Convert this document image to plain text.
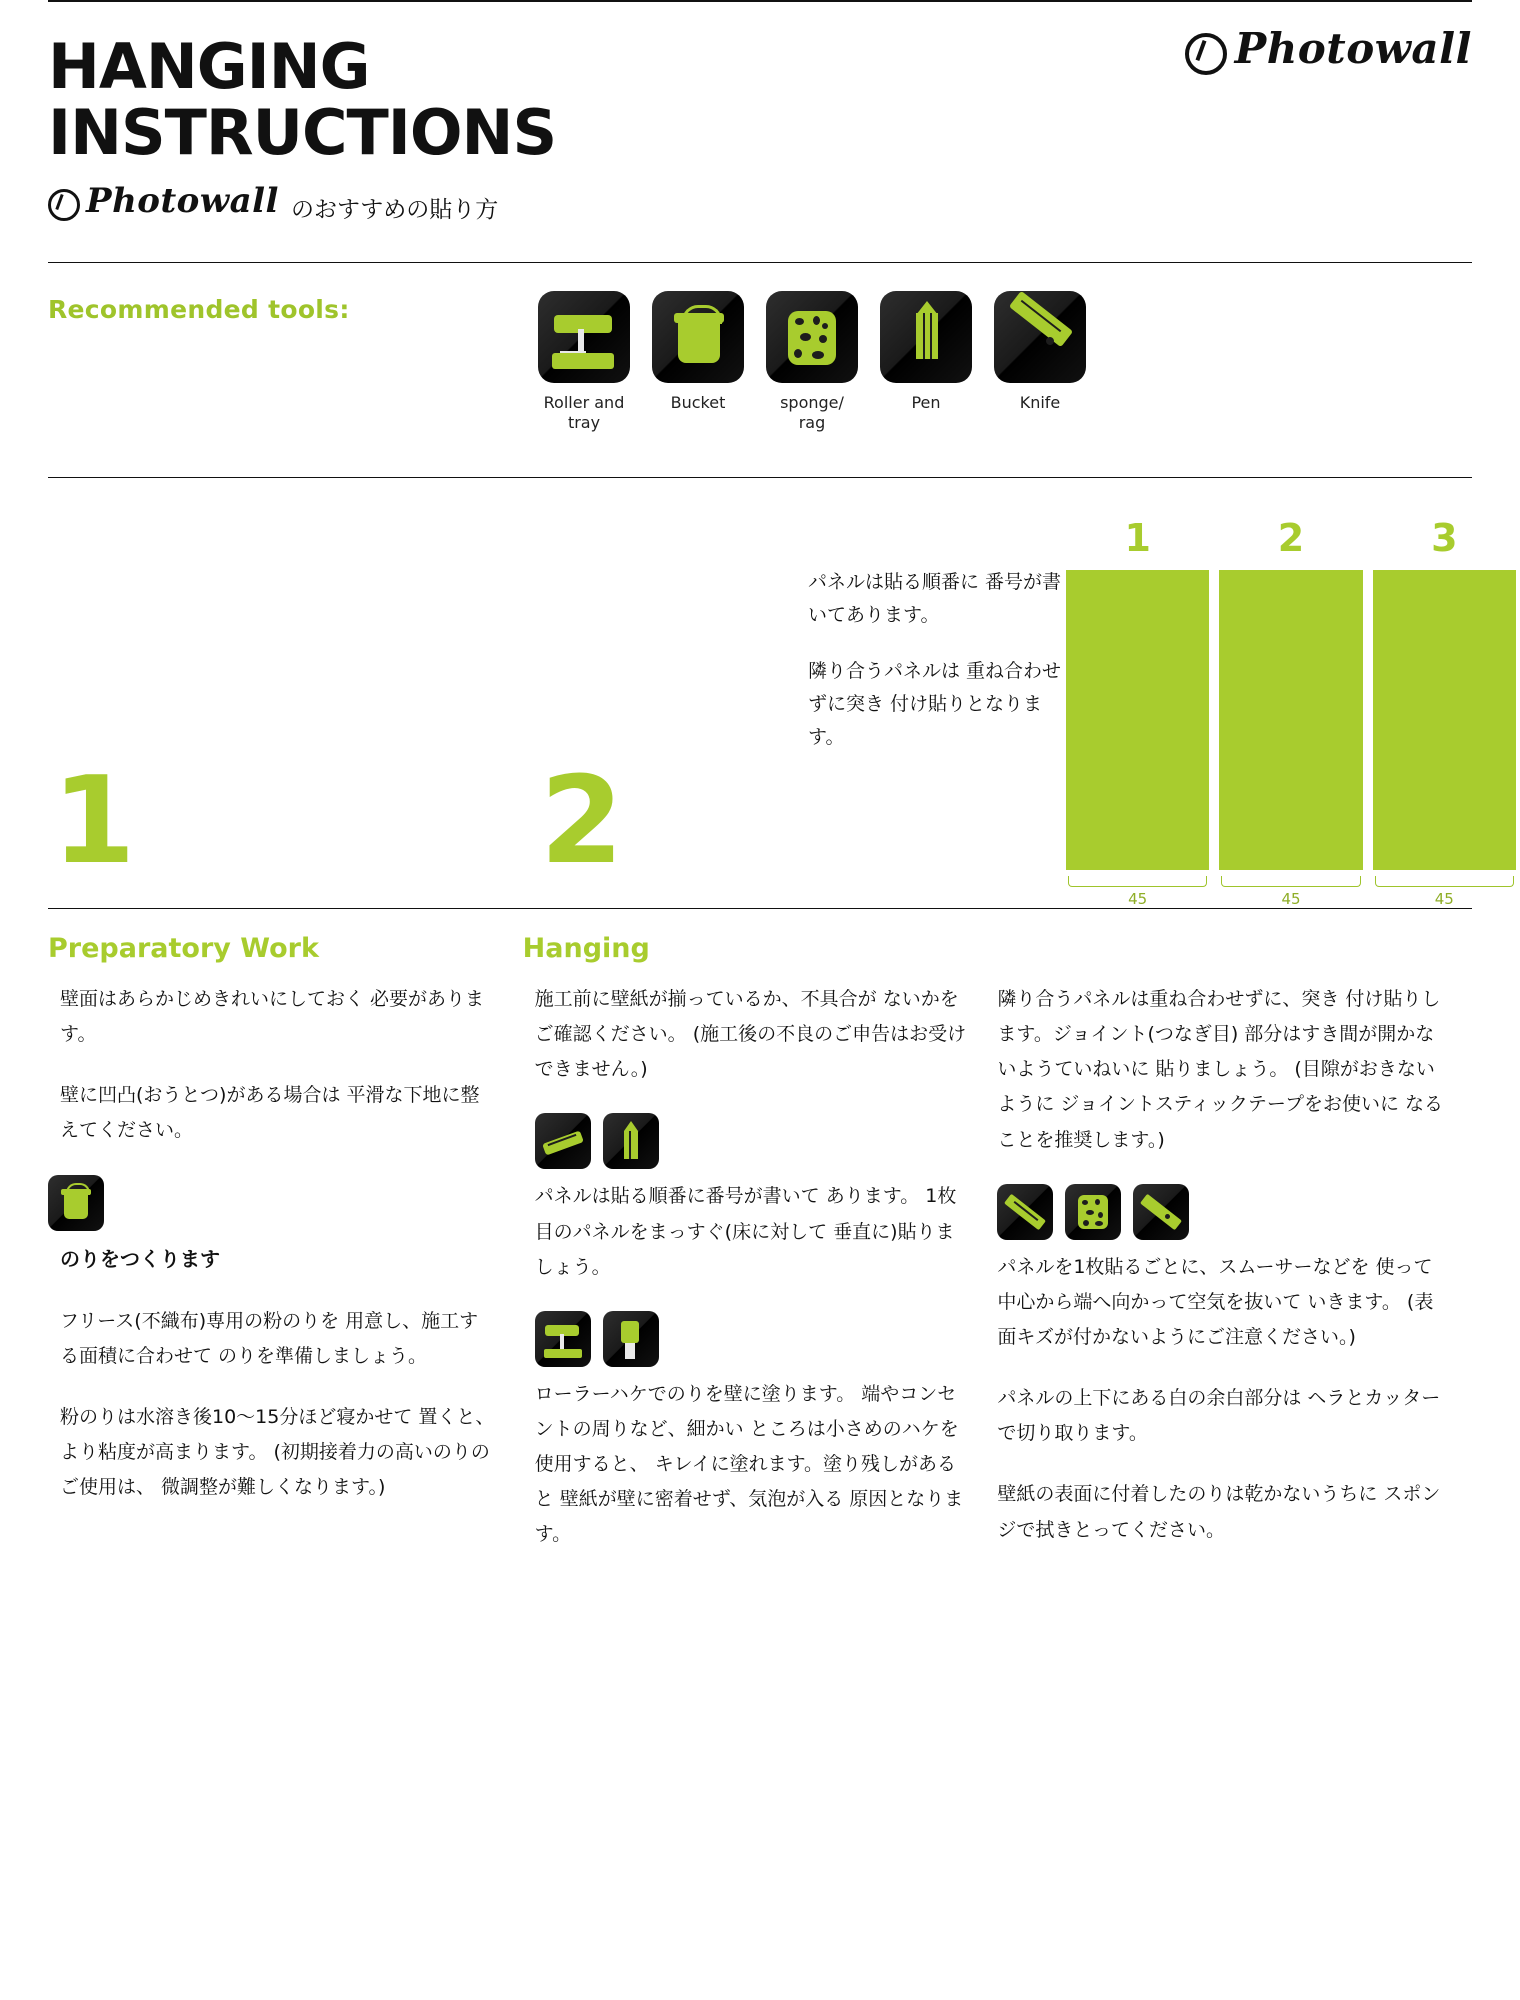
HANGING
INSTRUCTIONS
Photowall のおすすめの貼り方
Photowall
Recommended tools:
Roller and tray
Bucket	sponge/ rag
Pen	Knife
1	2

パネルは貼る順番に 番号が書いてあります。

隣り合うパネルは 重ね合わせずに突き 付け貼りとなります。

1	2	3
45	45	45
Preparatory Work

壁面はあらかじめきれいにしておく 必要があります。

壁に凹凸(おうとつ)がある場合は 平滑な下地に整えてください。

のりをつくります

フリース(不織布)専用の粉のりを 用意し、施工する面積に合わせて のりを準備しましょう。

粉のりは水溶き後10〜15分ほど寝かせて 置くと、より粘度が高まります。 (初期接着力の高いのりのご使用は、 微調整が難しくなります。)

Hanging

施工前に壁紙が揃っているか、不具合が ないかをご確認ください。 (施工後の不良のご申告はお受けできません。)

パネルは貼る順番に番号が書いて あります。 1枚目のパネルをまっすぐ(床に対して 垂直に)貼りましょう。

ローラーハケでのりを壁に塗ります。 端やコンセントの周りなど、細かい ところは小さめのハケを使用すると、 キレイに塗れます。塗り残しがあると 壁紙が壁に密着せず、気泡が入る 原因となります。

隣り合うパネルは重ね合わせずに、突き 付け貼りします。ジョイント(つなぎ目) 部分はすき間が開かないようていねいに 貼りましょう。 (目隙がおきないように ジョイントスティックテープをお使いに なることを推奨します。)

パネルを1枚貼るごとに、スムーサーなどを 使って中心から端へ向かって空気を抜いて いきます。 (表面キズが付かないようにご注意ください。)

パネルの上下にある白の余白部分は ヘラとカッターで切り取ります。

壁紙の表面に付着したのりは乾かないうちに スポンジで拭きとってください。
